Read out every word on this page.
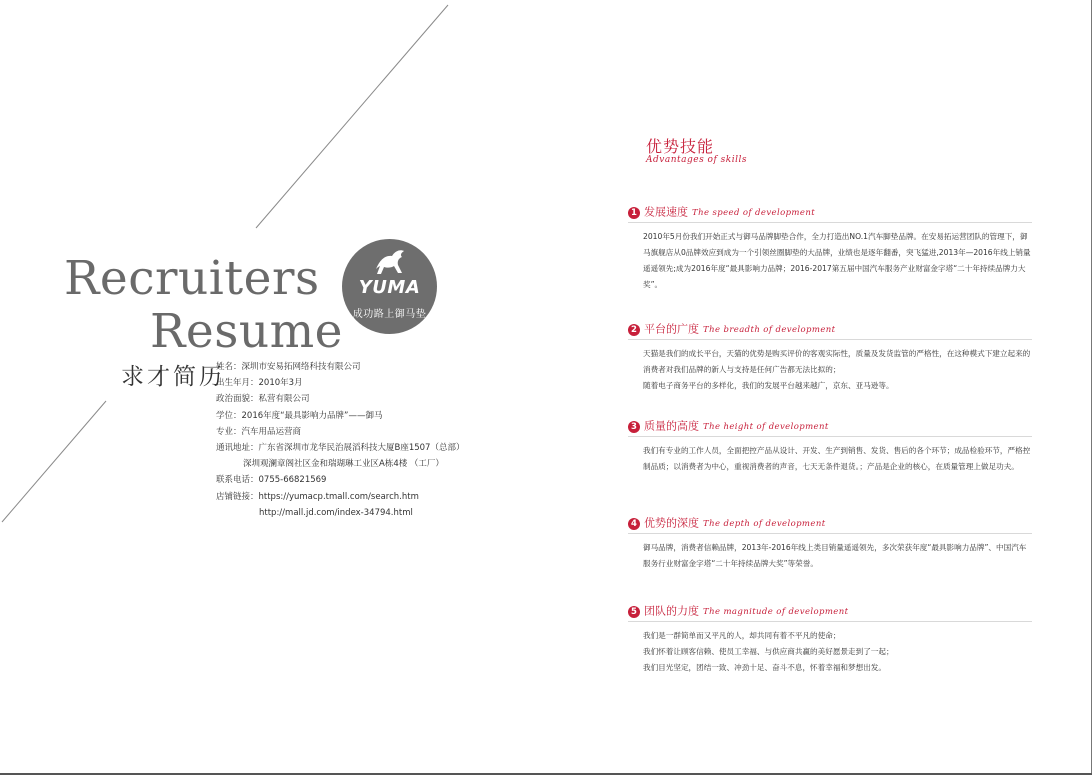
Recruiters
Resume
求才简历
YUMA
成功路上御马垫
姓名：深圳市安易拓网络科技有限公司
出生年月：2010年3月
政治面貌：私营有限公司
学位：2016年度“最具影响力品牌”——御马
专业：汽车用品运营商
通讯地址：广东省深圳市龙华民治展滔科技大厦B座1507（总部）
深圳观澜章阁社区金和瑞瑚琳工业区A栋4楼 （工厂）
联系电话：0755-66821569
店铺链接：https://yumacp.tmall.com/search.htm
http://mall.jd.com/index-34794.html
优势技能
Advantages of skills
1 发展速度 The speed of development

2010年5月份我们开始正式与御马品牌脚垫合作，全力打造出NO.1汽车脚垫品牌。在安易拓运营团队的管理下，御马旗舰店从0品牌效应到成为一个引领丝圈脚垫的大品牌，业绩也是逐年翻番，突飞猛进,2013年—2016年线上销量遥遥领先;成为2016年度“最具影响力品牌；2016-2017第五届中国汽车服务产业财富金字塔“二十年持续品牌力大奖”。

2 平台的广度 The breadth of development

天猫是我们的成长平台，天猫的优势是购买评价的客观实际性，质量及发货监管的严格性，在这种模式下建立起来的消费者对我们品牌的新人与支持是任何广告都无法比拟的；

随着电子商务平台的多样化，我们的发展平台越来越广，京东、亚马逊等。

3 质量的高度 The height of development

我们有专业的工作人员，全面把控产品从设计、开发、生产到销售、发货、售后的各个环节；成品检验环节，严格控制品质；以消费者为中心，重视消费者的声音，七天无条件退货。；产品是企业的核心，在质量管理上做足功夫。

4 优势的深度 The depth of development

御马品牌，消费者信赖品牌，2013年-2016年线上类目销量遥遥领先，多次荣获年度“最具影响力品牌”、中国汽车服务行业财富金字塔“二十年持续品牌大奖”等荣誉。

5 团队的力度 The magnitude of development

我们是一群简单而又平凡的人，却共同有着不平凡的使命；

我们怀着让顾客信赖、使员工幸福、与供应商共赢的美好愿景走到了一起；

我们目光坚定，团结一致、冲劲十足、奋斗不息，怀着幸福和梦想出发。
